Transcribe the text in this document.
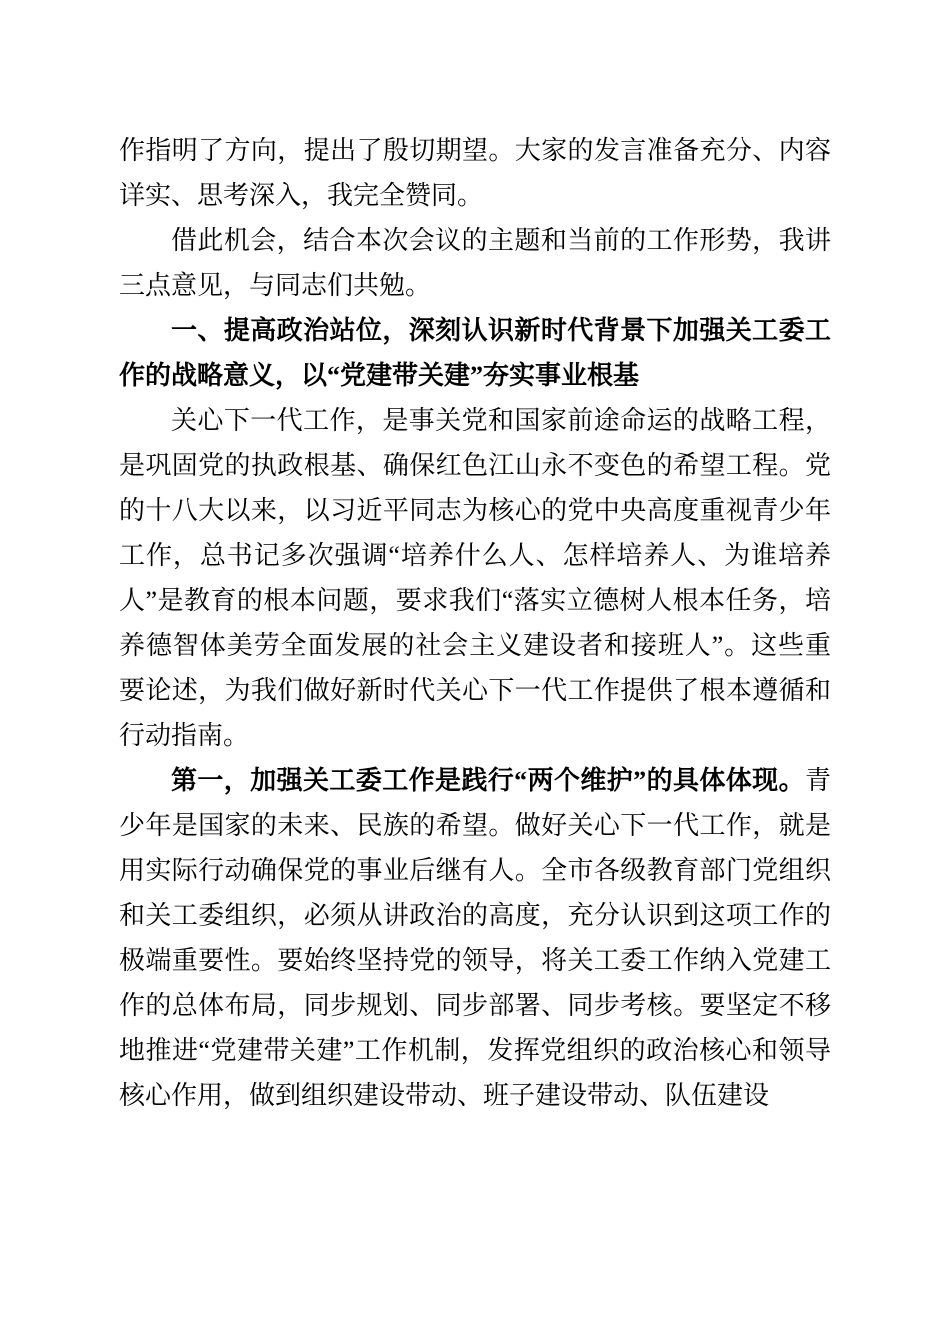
作指明了方向，提出了殷切期望。大家的发言准备充分、内容详实、思考深入，我完全赞同。

借此机会，结合本次会议的主题和当前的工作形势，我讲三点意见，与同志们共勉。

一、提高政治站位，深刻认识新时代背景下加强关工委工作的战略意义，以“党建带关建”夯实事业根基

关心下一代工作，是事关党和国家前途命运的战略工程，是巩固党的执政根基、确保红色江山永不变色的希望工程。党的十八大以来，以习近平同志为核心的党中央高度重视青少年工作，总书记多次强调“培养什么人、怎样培养人、为谁培养人”是教育的根本问题，要求我们“落实立德树人根本任务，培养德智体美劳全面发展的社会主义建设者和接班人”。这些重要论述，为我们做好新时代关心下一代工作提供了根本遵循和行动指南。

第一，加强关工委工作是践行“两个维护”的具体体现。青少年是国家的未来、民族的希望。做好关心下一代工作，就是用实际行动确保党的事业后继有人。全市各级教育部门党组织和关工委组织，必须从讲政治的高度，充分认识到这项工作的极端重要性。要始终坚持党的领导，将关工委工作纳入党建工作的总体布局，同步规划、同步部署、同步考核。要坚定不移地推进“党建带关建”工作机制，发挥党组织的政治核心和领导核心作用，做到组织建设带动、班子建设带动、队伍建设
